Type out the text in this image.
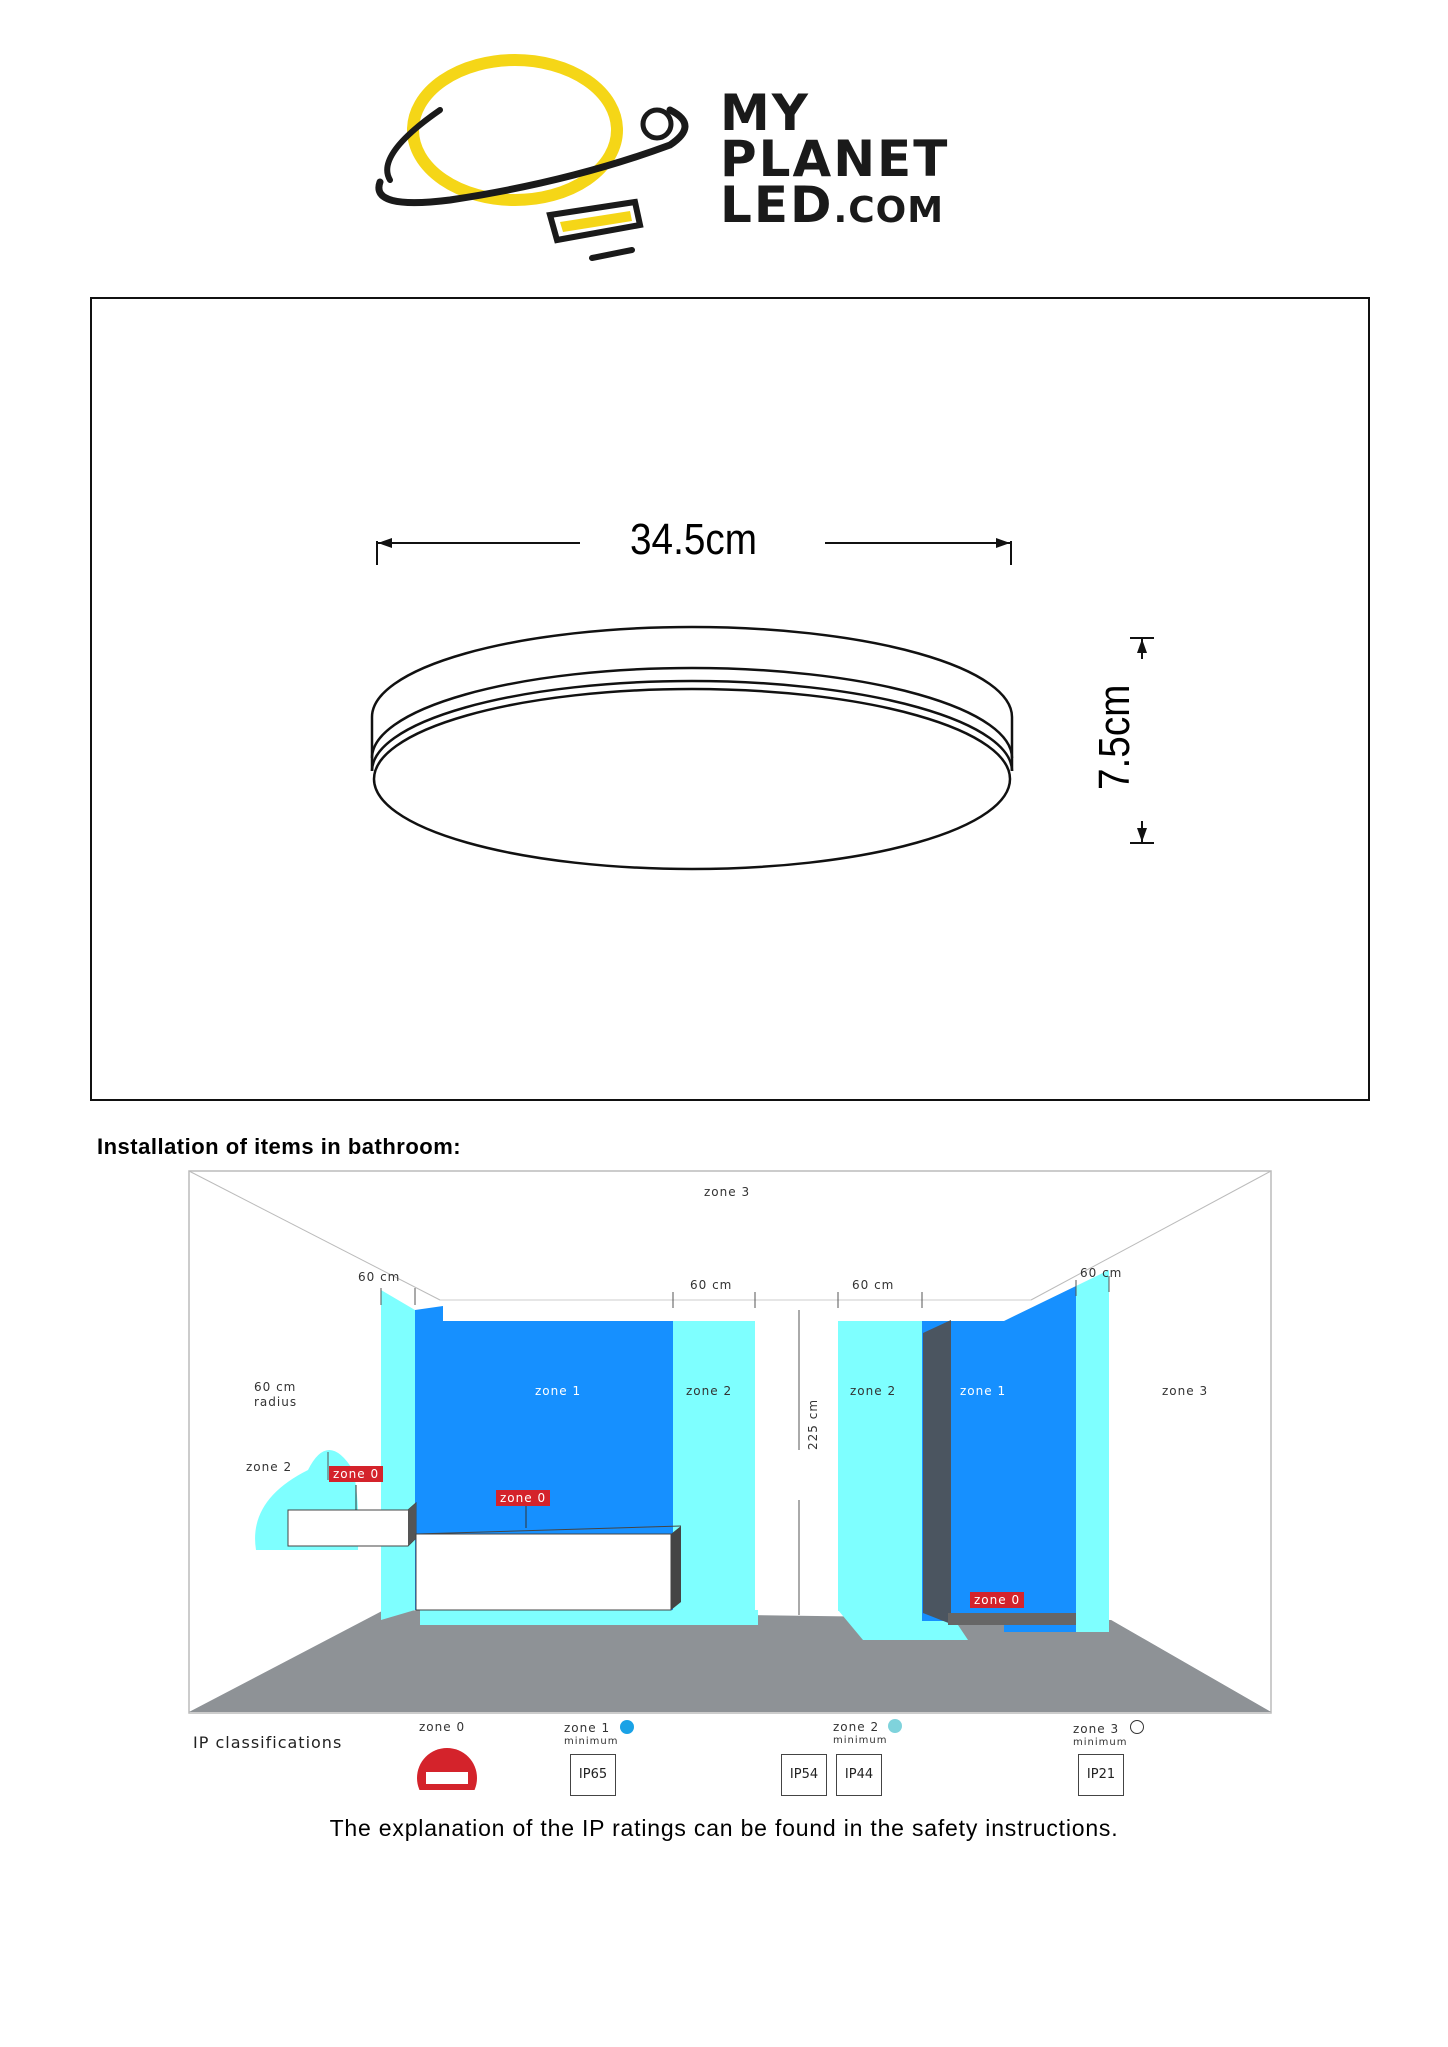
MY
PLANET
LED.COM
34.5cm
7.5cm
Installation of items in bathroom:
zone 3
60 cm
60 cm	60 cm
60 cm
60 cm
radius
zone 2	zone 0
zone 1	zone 2
zone 0
225 cm
zone 2	zone 1
zone 0
zone 3
IP classifications
zone 0	zone 1
minimum
IP65
zone 2
minimum
IP54	IP44
zone 3
minimum
IP21
The explanation of the IP ratings can be found in the safety instructions.
